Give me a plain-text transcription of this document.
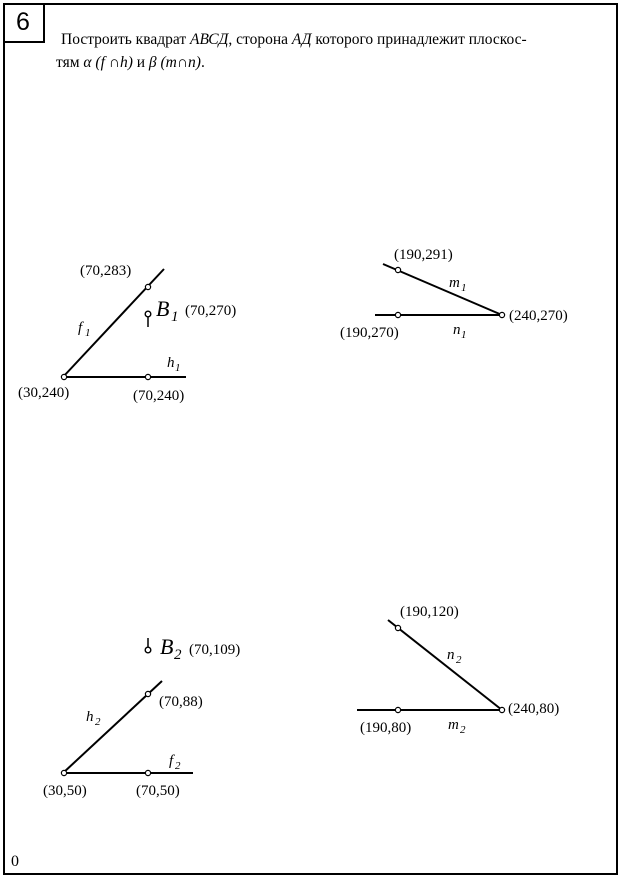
6
Построить квадрат АВСД, сторона АД которого принадлежит плоскос-
тям α (f ∩h) и β (m∩n).
(70,283)
(30,240)	(70,240)
f 1
h 1
B 1 (70,270)
(190,291)
(190,270)
(240,270)
m 1
n 1
(70,88)
(30,50)	(70,50)
h 2
f 2
B 2 (70,109)
(190,120)
(190,80)
(240,80)
n 2
m 2
0
